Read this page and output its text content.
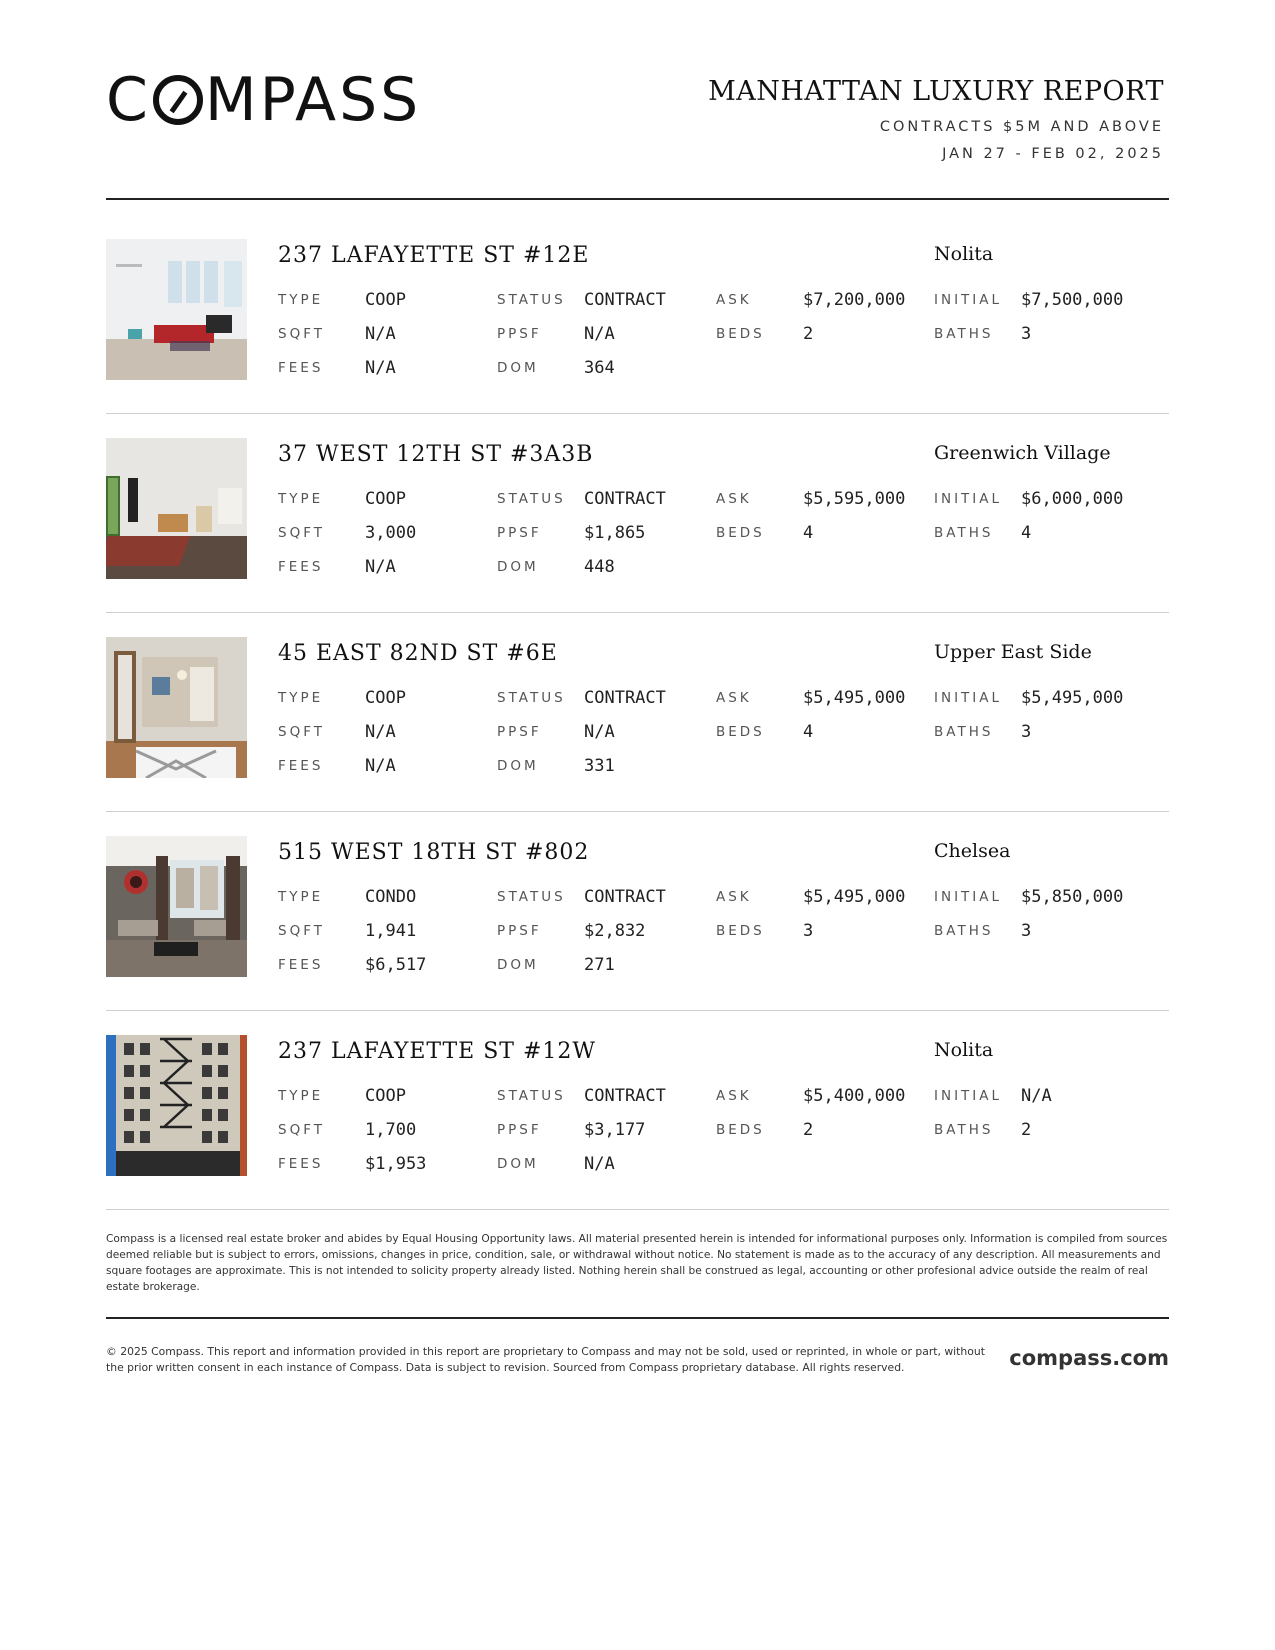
C MPASS	MANHATTAN LUXURY REPORT
CONTRACTS $5M AND ABOVE
JAN 27 - FEB 02, 2025
237 LAFAYETTE ST #12E	Nolita
TYPE COOP	STATUS CONTRACT	ASK	$7,200,000 INITIAL $7,500,000
SQFT N/A	PPSF N/A	BEDS 2	BATHS 3
FEES N/A	DOM	364
37 WEST 12TH ST #3A3B	Greenwich Village
TYPE COOP	STATUS CONTRACT	ASK	$5,595,000 INITIAL $6,000,000
SQFT 3,000	PPSF $1,865	BEDS 4	BATHS 4
FEES N/A	DOM	448
45 EAST 82ND ST #6E	Upper East Side
TYPE COOP	STATUS CONTRACT	ASK	$5,495,000 INITIAL $5,495,000
SQFT N/A	PPSF N/A	BEDS 4	BATHS 3
FEES N/A	DOM	331
515 WEST 18TH ST #802	Chelsea
TYPE CONDO	STATUS CONTRACT	ASK	$5,495,000 INITIAL $5,850,000
SQFT 1,941	PPSF $2,832	BEDS 3	BATHS 3
FEES $6,517	DOM	271
237 LAFAYETTE ST #12W	Nolita
TYPE COOP	STATUS CONTRACT	ASK	$5,400,000 INITIAL N/A
SQFT 1,700	PPSF $3,177	BEDS 2	BATHS 2
FEES $1,953	DOM	N/A
Compass is a licensed real estate broker and abides by Equal Housing Opportunity laws. All material presented herein is intended for informational purposes only. Information is compiled from sources deemed reliable but is subject to errors, omissions, changes in price, condition, sale, or withdrawal without notice. No statement is made as to the accuracy of any description. All measurements and square footages are approximate. This is not intended to solicity property already listed. Nothing herein shall be construed as legal, accounting or other profesional advice outside the realm of real estate brokerage.
© 2025 Compass. This report and information provided in this report are proprietary to Compass and may not be sold, used or reprinted, in whole or part, without the prior written consent in each instance of Compass. Data is subject to revision. Sourced from Compass proprietary database. All rights reserved.	compass.com
